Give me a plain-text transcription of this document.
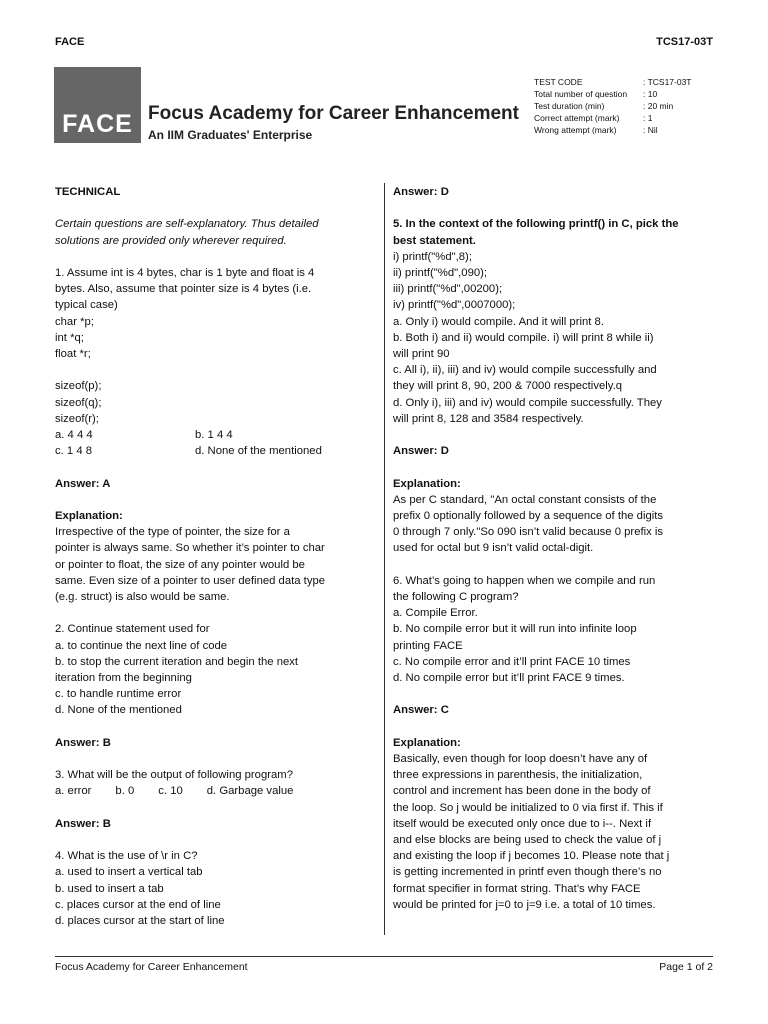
FACE	TCS17-03T
FACE Focus Academy for Career Enhancement
An IIM Graduates' Enterprise
TEST CODE	: TCS17-03T
Total number of question	: 10
Test duration (min)	: 20 min
Correct attempt (mark)	: 1
Wrong attempt (mark)	: Nil
TECHNICAL
Certain questions are self-explanatory. Thus detailed
solutions are provided only wherever required.
1. Assume int is 4 bytes, char is 1 byte and float is 4
bytes. Also, assume that pointer size is 4 bytes (i.e.
typical case)
char *p;
int *q;
float *r;
sizeof(p);
sizeof(q);
sizeof(r);
a. 4 4 4	b. 1 4 4
c. 1 4 8	d. None of the mentioned
Answer: A
Explanation:
Irrespective of the type of pointer, the size for a
pointer is always same. So whether it’s pointer to char
or pointer to float, the size of any pointer would be
same. Even size of a pointer to user defined data type
(e.g. struct) is also would be same.
2. Continue statement used for
a. to continue the next line of code
b. to stop the current iteration and begin the next
iteration from the beginning
c. to handle runtime error
d. None of the mentioned
Answer: B
3. What will be the output of following program?
a. error b. 0 c. 10 d. Garbage value
Answer: B
4. What is the use of \r in C?
a. used to insert a vertical tab
b. used to insert a tab
c. places cursor at the end of line
d. places cursor at the start of line
Answer: D
5. In the context of the following printf() in C, pick the
best statement.
i) printf("%d",8);
ii) printf("%d",090);
iii) printf("%d",00200);
iv) printf("%d",0007000);
a. Only i) would compile. And it will print 8.
b. Both i) and ii) would compile. i) will print 8 while ii)
will print 90
c. All i), ii), iii) and iv) would compile successfully and
they will print 8, 90, 200 & 7000 respectively.q
d. Only i), iii) and iv) would compile successfully. They
will print 8, 128 and 3584 respectively.
Answer: D
Explanation:
As per C standard, "An octal constant consists of the
prefix 0 optionally followed by a sequence of the digits
0 through 7 only."So 090 isn’t valid because 0 prefix is
used for octal but 9 isn’t valid octal-digit.
6. What’s going to happen when we compile and run
the following C program?
a. Compile Error.
b. No compile error but it will run into infinite loop
printing FACE
c. No compile error and it’ll print FACE 10 times
d. No compile error but it’ll print FACE 9 times.
Answer: C
Explanation:
Basically, even though for loop doesn’t have any of
three expressions in parenthesis, the initialization,
control and increment has been done in the body of
the loop. So j would be initialized to 0 via first if. This if
itself would be executed only once due to i--. Next if
and else blocks are being used to check the value of j
and existing the loop if j becomes 10. Please note that j
is getting incremented in printf even though there’s no
format specifier in format string. That’s why FACE
would be printed for j=0 to j=9 i.e. a total of 10 times.
Focus Academy for Career Enhancement	Page 1 of 2
